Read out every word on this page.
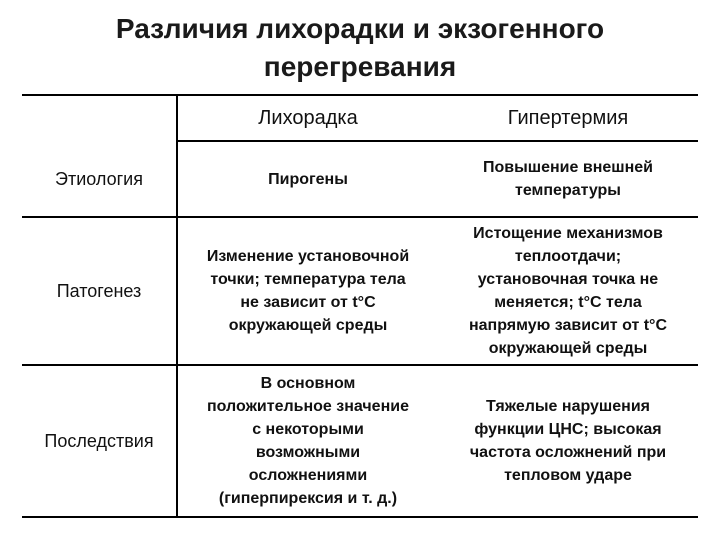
Различия лихорадки и экзогенного
перегревания
Лихорадка	Гипертермия
Этиология	Пирогены
Повышение внешней
температуры
Патогенез
Изменение установочной
точки; температура тела
не зависит от t°С
окружающей среды
Истощение механизмов
теплоотдачи;
установочная точка не
меняется; t°С тела
напрямую зависит от t°С
окружающей среды
Последствия
В основном
положительное значение
с некоторыми
возможными
осложнениями
(гиперпирексия и т. д.)
Тяжелые нарушения
функции ЦНС; высокая
частота осложнений при
тепловом ударе
